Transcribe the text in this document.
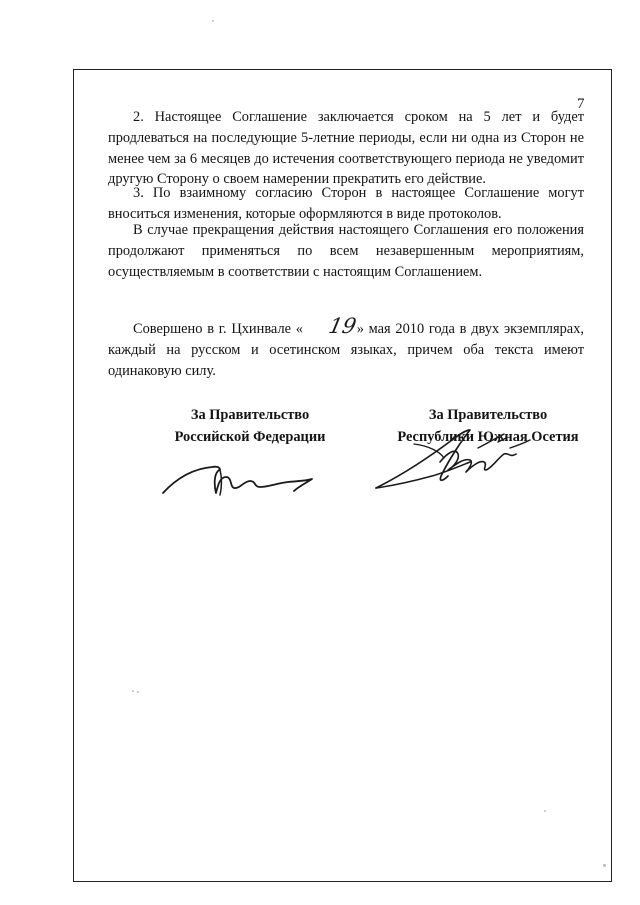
7
2. Настоящее Соглашение заключается сроком на 5 лет и будет продлеваться на последующие 5-летние периоды, если ни одна из Сторон не менее чем за 6 месяцев до истечения соответствующего периода не уведомит другую Сторону о своем намерении прекратить его действие.
3. По взаимному согласию Сторон в настоящее Соглашение могут вноситься изменения, которые оформляются в виде протоколов.
В случае прекращения действия настоящего Соглашения его положения продолжают применяться по всем незавершенным мероприятиям, осуществляемым в соответствии с настоящим Соглашением.
Совершено в г. Цхинвале « 19» мая 2010 года в двух экземплярах, каждый на русском и осетинском языках, причем оба текста имеют одинаковую силу.
За Правительство
Российской Федерации
За Правительство
Республики Южная Осетия
